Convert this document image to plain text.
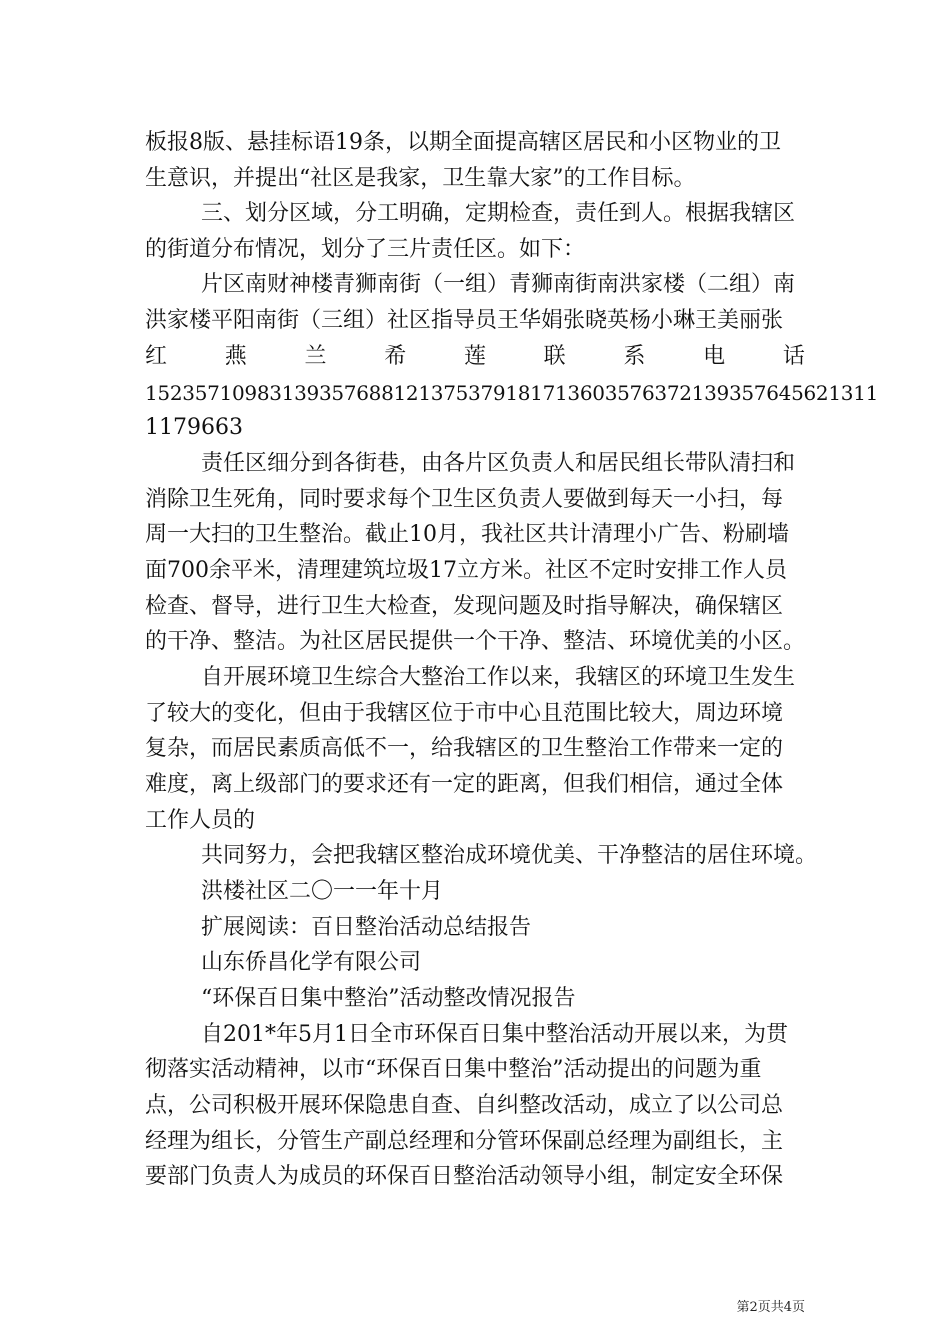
板报8版、悬挂标语19条，以期全面提高辖区居民和小区物业的卫
生意识，并提出“社区是我家，卫生靠大家”的工作目标。
三、划分区域，分工明确，定期检查，责任到人。根据我辖区
的街道分布情况，划分了三片责任区。如下：
片区南财神楼青狮南街（一组）青狮南街南洪家楼（二组）南
洪家楼平阳南街（三组）社区指导员王华娟张晓英杨小琳王美丽张
红	燕	兰	希	莲	联	系	电	话
1523571098313935768812137537918171360357637213935764562131​1
1179663
责任区细分到各街巷，由各片区负责人和居民组长带队清扫和
消除卫生死角，同时要求每个卫生区负责人要做到每天一小扫，每
周一大扫的卫生整治。截止10月，我社区共计清理小广告、粉刷墙
面700余平米，清理建筑垃圾17立方米。社区不定时安排工作人员
检查、督导，进行卫生大检查，发现问题及时指导解决，确保辖区
的干净、整洁。为社区居民提供一个干净、整洁、环境优美的小区。
自开展环境卫生综合大整治工作以来，我辖区的环境卫生发生
了较大的变化，但由于我辖区位于市中心且范围比较大，周边环境
复杂，而居民素质高低不一，给我辖区的卫生整治工作带来一定的
难度，离上级部门的要求还有一定的距离，但我们相信，通过全体
工作人员的
共同努力，会把我辖区整治成环境优美、干净整洁的居住环境。
洪楼社区二〇一一年十月
扩展阅读：百日整治活动总结报告
山东侨昌化学有限公司
“环保百日集中整治”活动整改情况报告
自201*年5月1日全市环保百日集中整治活动开展以来，为贯
彻落实活动精神，以市“环保百日集中整治”活动提出的问题为重
点，公司积极开展环保隐患自查、自纠整改活动，成立了以公司总
经理为组长，分管生产副总经理和分管环保副总经理为副组长，主
要部门负责人为成员的环保百日整治活动领导小组，制定安全环保
第2页共4页
